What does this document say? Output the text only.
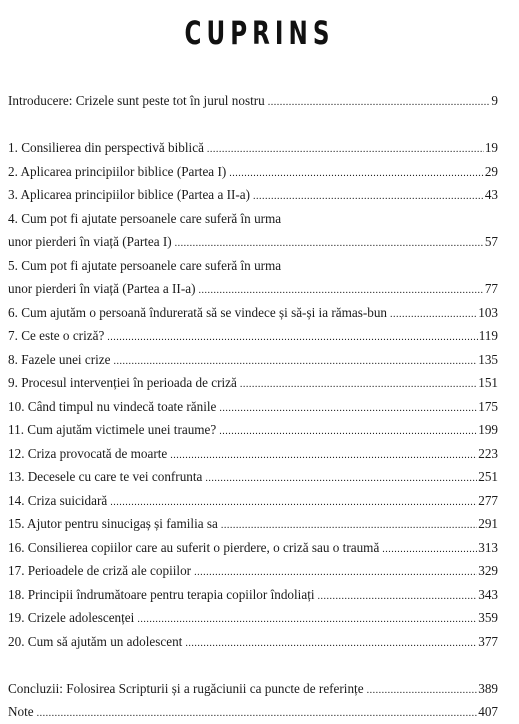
CUPRINS
Introducere: Crizele sunt peste tot în jurul nostru .....	9
1. Consilierea din perspectivă biblică .....	19
2. Aplicarea principiilor biblice (Partea I) .....	29
3. Aplicarea principiilor biblice (Partea a II-a) .....	43
4. Cum pot fi ajutate persoanele care suferă în urma
unor pierderi în viață (Partea I) .....	57
5. Cum pot fi ajutate persoanele care suferă în urma
unor pierderi în viață (Partea a II-a) .....	77
6. Cum ajutăm o persoană îndurerată să se vindece și să-și ia rămas-bun .....	103
7. Ce este o criză? .....	119
8. Fazele unei crize .....	135
9. Procesul intervenției în perioada de criză .....	151
10. Când timpul nu vindecă toate rănile .....	175
11. Cum ajutăm victimele unei traume? .....	199
12. Criza provocată de moarte .....	223
13. Decesele cu care te vei confrunta .....	251
14. Criza suicidară .....	277
15. Ajutor pentru sinucigaș și familia sa .....	291
16. Consilierea copiilor care au suferit o pierdere, o criză sau o traumă .....	313
17. Perioadele de criză ale copiilor .....	329
18. Principii îndrumătoare pentru terapia copiilor îndoliați .....	343
19. Crizele adolescenței .....	359
20. Cum să ajutăm un adolescent .....	377
Concluzii: Folosirea Scripturii și a rugăciunii ca puncte de referințe .....	389
Note .....	407
